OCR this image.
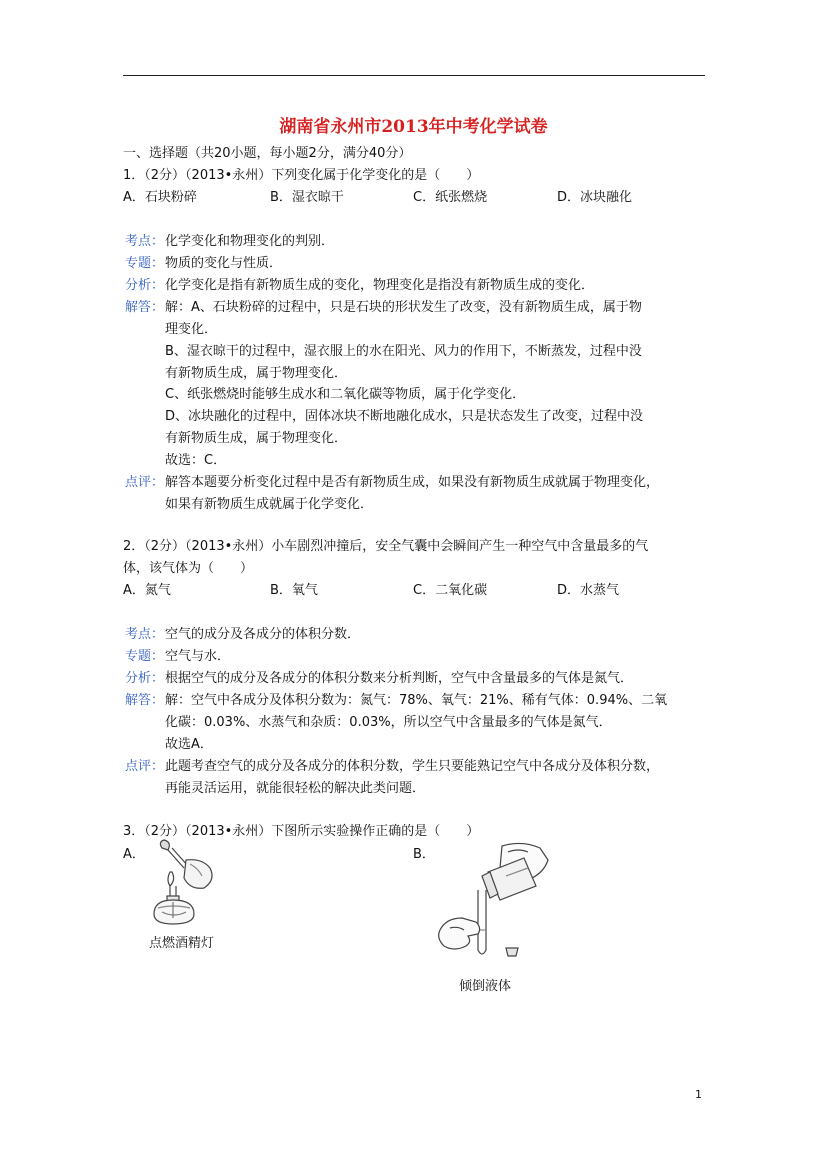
湖南省永州市2013年中考化学试卷
一、选择题（共20小题，每小题2分，满分40分）
1．（2分）（2013•永州）下列变化属于化学变化的是（　　）
A．石块粉碎	B．湿衣晾干	C．纸张燃烧	D．冰块融化
考点： 化学变化和物理变化的判别．
专题： 物质的变化与性质．
分析： 化学变化是指有新物质生成的变化，物理变化是指没有新物质生成的变化．
解答： 解：A、石块粉碎的过程中，只是石块的形状发生了改变，没有新物质生成，属于物
理变化．
B、湿衣晾干的过程中，湿衣服上的水在阳光、风力的作用下，不断蒸发，过程中没
有新物质生成，属于物理变化．
C、纸张燃烧时能够生成水和二氧化碳等物质，属于化学变化．
D、冰块融化的过程中，固体冰块不断地融化成水，只是状态发生了改变，过程中没
有新物质生成，属于物理变化．
故选：C．
点评： 解答本题要分析变化过程中是否有新物质生成，如果没有新物质生成就属于物理变化，
如果有新物质生成就属于化学变化．
2．（2分）（2013•永州）小车剧烈冲撞后，安全气囊中会瞬间产生一种空气中含量最多的气
体，该气体为（　　）
A．氮气	B．氧气	C．二氧化碳	D．水蒸气
考点： 空气的成分及各成分的体积分数．
专题： 空气与水．
分析： 根据空气的成分及各成分的体积分数来分析判断，空气中含量最多的气体是氮气．
解答： 解：空气中各成分及体积分数为：氮气：78%、氧气：21%、稀有气体：0.94%、二氧
化碳：0.03%、水蒸气和杂质：0.03%，所以空气中含量最多的气体是氮气．
故选A．
点评： 此题考查空气的成分及各成分的体积分数，学生只要能熟记空气中各成分及体积分数，
再能灵活运用，就能很轻松的解决此类问题．
3．（2分）（2013•永州）下图所示实验操作正确的是（　　）
A．	B．
点燃酒精灯
倾倒液体
1
